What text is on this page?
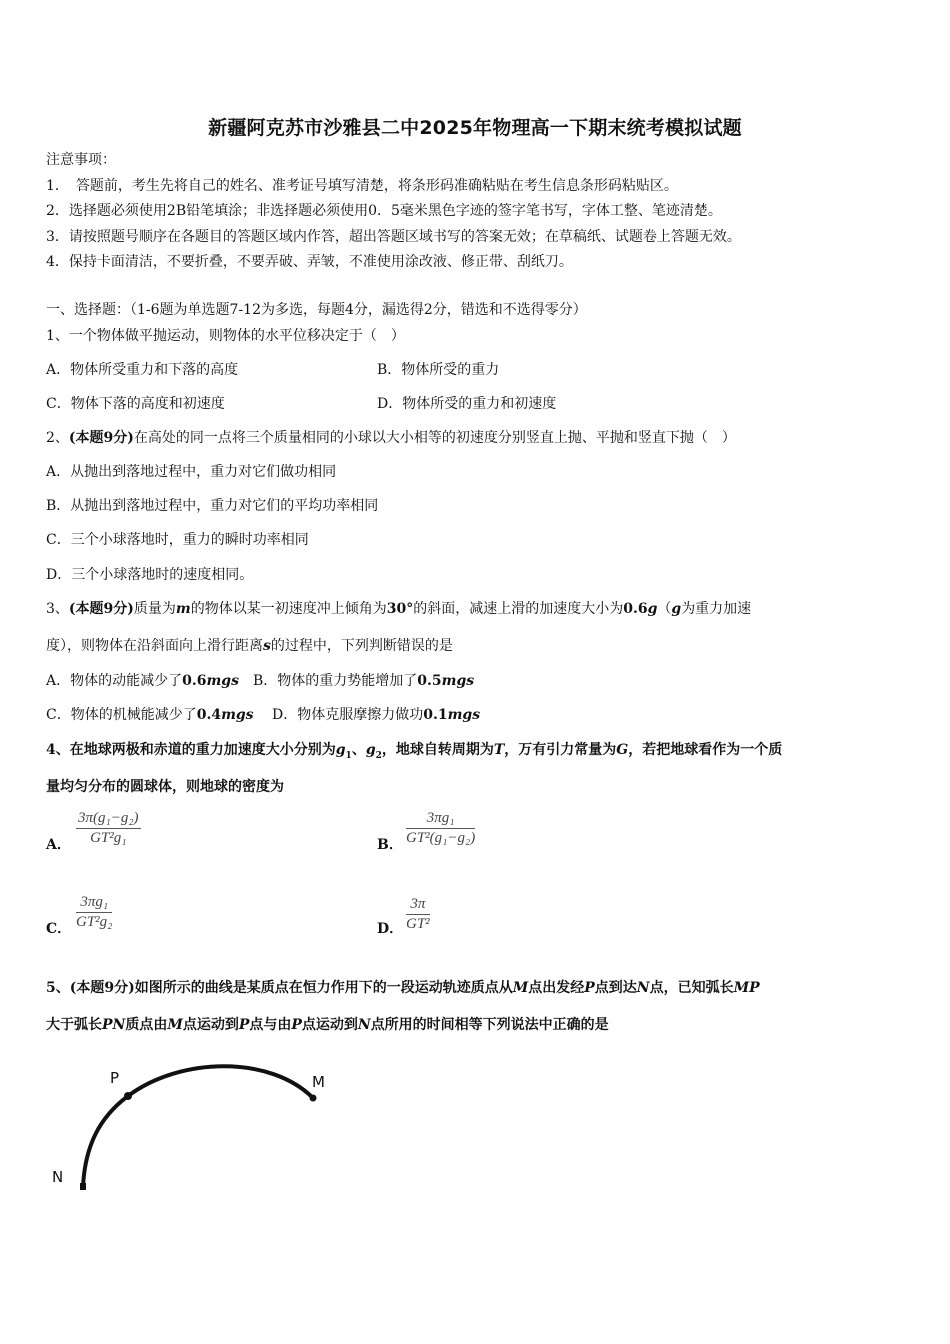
新疆阿克苏市沙雅县二中2025年物理高一下期末统考模拟试题
注意事项：
1．　答题前，考生先将自己的姓名、准考证号填写清楚，将条形码准确粘贴在考生信息条形码粘贴区。
2．选择题必须使用2B铅笔填涂；非选择题必须使用0．5毫米黑色字迹的签字笔书写，字体工整、笔迹清楚。
3．请按照题号顺序在各题目的答题区域内作答，超出答题区域书写的答案无效；在草稿纸、试题卷上答题无效。
4．保持卡面清洁，不要折叠，不要弄破、弄皱，不准使用涂改液、修正带、刮纸刀。
一、选择题：（1-6题为单选题7-12为多选，每题4分，漏选得2分，错选和不选得零分）
1、一个物体做平抛运动，则物体的水平位移决定于（　）
A．物体所受重力和下落的高度	B．物体所受的重力
C．物体下落的高度和初速度	D．物体所受的重力和初速度
2、(本题9分)在高处的同一点将三个质量相同的小球以大小相等的初速度分别竖直上抛、平抛和竖直下抛（　）
A．从抛出到落地过程中，重力对它们做功相同
B．从抛出到落地过程中，重力对它们的平均功率相同
C．三个小球落地时，重力的瞬时功率相同
D．三个小球落地时的速度相同。
3、(本题9分)质量为m的物体以某一初速度冲上倾角为30°的斜面，减速上滑的加速度大小为0.6g（g为重力加速
度），则物体在沿斜面向上滑行距离s的过程中，下列判断错误的是
A．物体的动能减少了0.6mgs　 B．物体的重力势能增加了0.5mgs
C．物体的机械能减少了0.4mgs　 D．物体克服摩擦力做功0.1mgs
4、在地球两极和赤道的重力加速度大小分别为$g_1$、$g_2$，地球自转周期为T，万有引力常量为G，若把地球看作为一个质
量均匀分布的圆球体，则地球的密度为
A．
3π(g₁−g₂)
GT²g₁	B．
3πg₁
GT²(g₁−g₂)
C．
3πg₁
GT²g₂	D．
3π
GT²
5、(本题9分)如图所示的曲线是某质点在恒力作用下的一段运动轨迹质点从M点出发经P点到达N点，已知弧长MP
大于弧长PN质点由M点运动到P点与由P点运动到N点所用的时间相等下列说法中正确的是
P	M
N
